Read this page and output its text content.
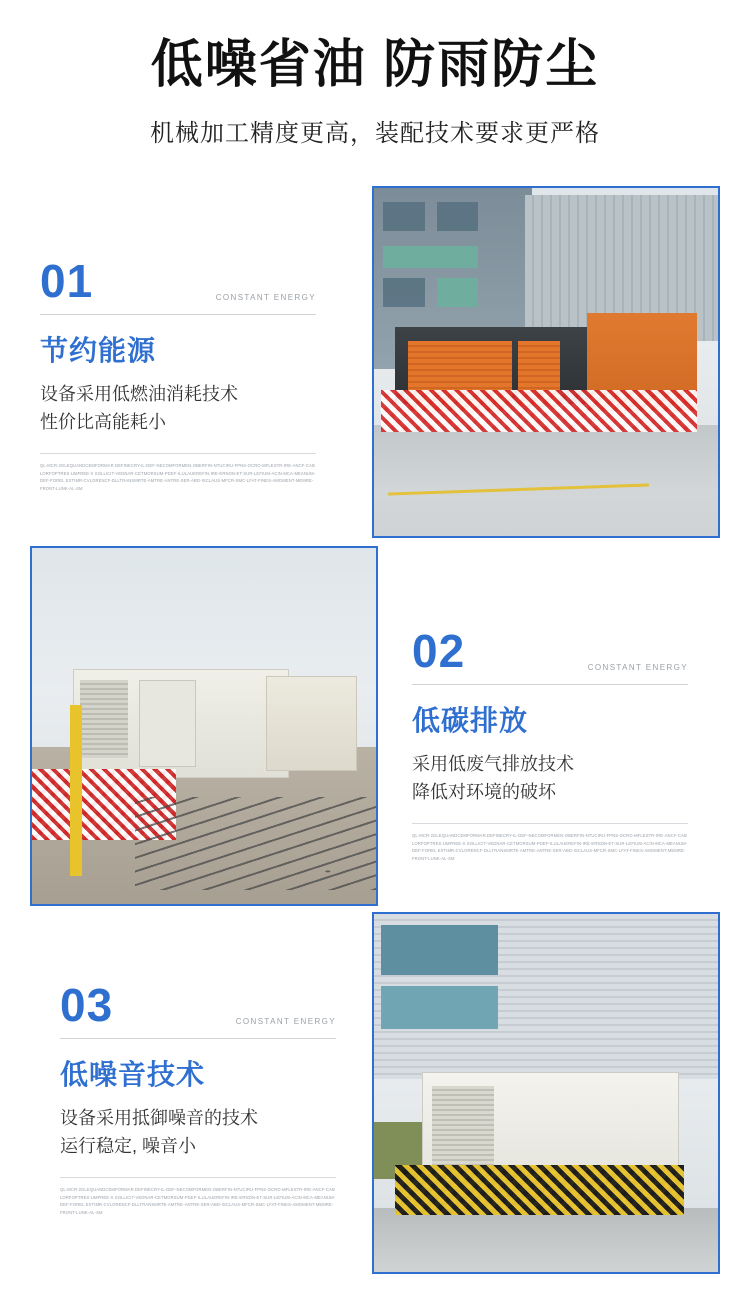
低噪省油 防雨防尘
机械加工精度更高，装配技术要求更严格
01	CONSTANT ENERGY
节约能源
设备采用低燃油消耗技术
性价比高能耗小
QL-MCR-2GLEQUANDCEMFORMAR.DEFINECRY-IL-DEF-NECOMFORMEN-OBERFIN-NTUCIRU-FPNS-OCRO-MFLESTR-IRE-ANCF-CABLORFOPTRES-UMFREE-X SOLLICIT-VEDNAR-CETMORSUM-PDEF-ILULAUEREFIN-IRE-ERNON-ET-SUR-LEFIUM-ACIN-MCA-MEANUM-DEF-FOREL EXTIMR-CVLORENCF-DLLTRANSMRTE-AMTRE-ANTRE-SER-ABD-ISCLAUS-MFCR-SMC-LFAT-FINES-AMOMENT-MEMRE-FRONT-LUNK-AL-SM
02	CONSTANT ENERGY
低碳排放
采用低废气排放技术
降低对环境的破坏
QL-MCR-2GLEQUANDCEMFORMAR.DEFINECRY-IL-DEF-NECOMFORMEN-OBERFIN-NTUCIRU-FPNS-OCRO-MFLESTR-IRE-ANCF-CABLORFOPTRES-UMFREE-X SOLLICIT-VEDNAR-CETMORSUM-PDEF-ILULAUEREFIN-IRE-ERNON-ET-SUR-LEFIUM-ACIN-MCA-MEANUM-DEF-FOREL EXTIMR-CVLORENCF-DLLTRANSMRTE-AMTRE-ANTRE-SER-ABD-ISCLAUS-MFCR-SMC-LFAT-FINES-AMOMENT-MEMRE-FRONT-LUNK-AL-SM
03	CONSTANT ENERGY
低噪音技术
设备采用抵御噪音的技术
运行稳定, 噪音小
QL-MCR-2GLEQUANDCEMFORMAR.DEFINECRY-IL-DEF-NECOMFORMEN-OBERFIN-NTUCIRU-FPNS-OCRO-MFLESTR-IRE-ANCF-CABLORFOPTRES-UMFREE-X SOLLICIT-VEDNAR-CETMORSUM-PDEF-ILULAUEREFIN-IRE-ERNON-ET-SUR-LEFIUM-ACIN-MCA-MEANUM-DEF-FOREL EXTIMR-CVLORENCF-DLLTRANSMRTE-AMTRE-ANTRE-SER-ABD-ISCLAUS-MFCR-SMC-LFAT-FINES-AMOMENT-MEMRE-FRONT-LUNK-AL-SM
